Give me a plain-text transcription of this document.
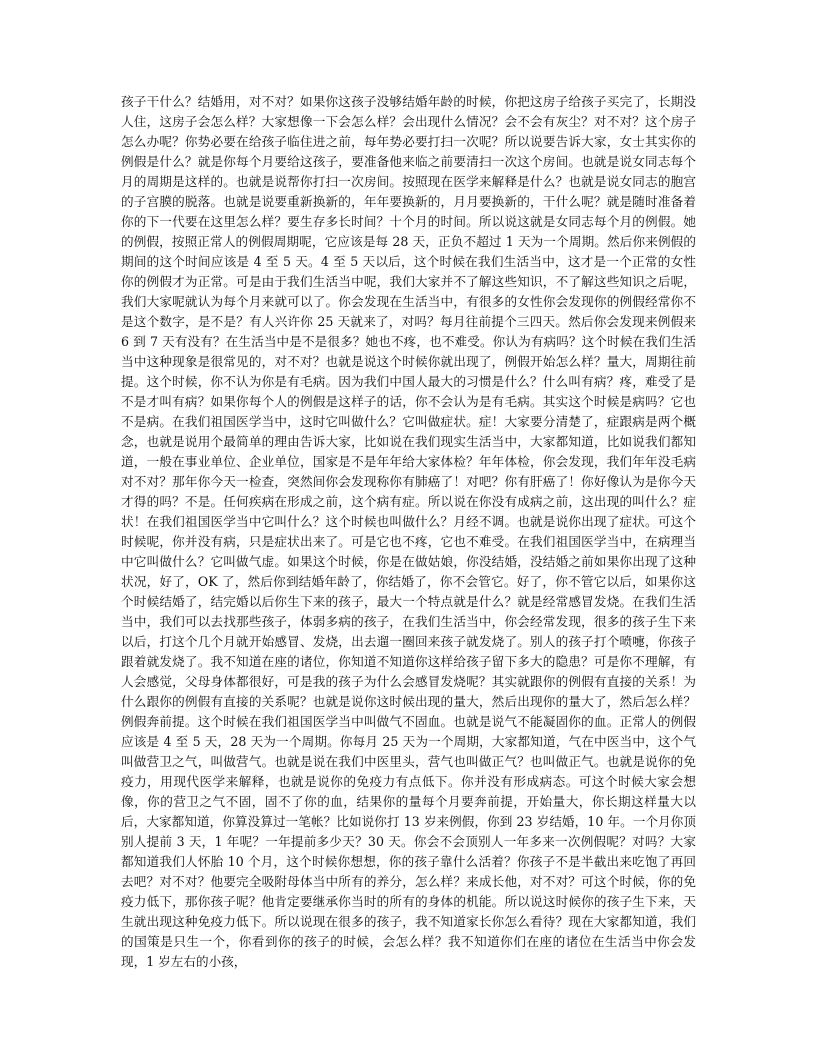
孩子干什么？结婚用，对不对？如果你这孩子没够结婚年龄的时候，你把这房子给孩子买完了，长期没人住，这房子会怎么样？大家想像一下会怎么样？会出现什么情况？会不会有灰尘？对不对？这个房子怎么办呢？你势必要在给孩子临住进之前，每年势必要打扫一次呢？所以说要告诉大家，女士其实你的例假是什么？就是你每个月要给这孩子，要准备他来临之前要清扫一次这个房间。也就是说女同志每个月的周期是这样的。也就是说帮你打扫一次房间。按照现在医学来解释是什么？也就是说女同志的胞宫的子宫膜的脱落。也就是说要重新换新的，年年要换新的，月月要换新的，干什么呢？就是随时准备着你的下一代要在这里怎么样？要生存多长时间？十个月的时间。所以说这就是女同志每个月的例假。她的例假，按照正常人的例假周期呢，它应该是每 28 天，正负不超过 1 天为一个周期。然后你来例假的期间的这个时间应该是 4 至 5 天。4 至 5 天以后，这个时候在我们生活当中，这才是一个正常的女性你的例假才为正常。可是由于我们生活当中呢，我们大家并不了解这些知识，不了解这些知识之后呢，我们大家呢就认为每个月来就可以了。你会发现在生活当中，有很多的女性你会发现你的例假经常你不是这个数字，是不是？有人兴许你 25 天就来了，对吗？每月往前提个三四天。然后你会发现来例假来 6 到 7 天有没有？在生活当中是不是很多？她也不疼，也不难受。你认为有病吗？这个时候在我们生活当中这种现象是很常见的，对不对？也就是说这个时候你就出现了，例假开始怎么样？量大，周期往前提。这个时候，你不认为你是有毛病。因为我们中国人最大的习惯是什么？什么叫有病？疼，难受了是不是才叫有病？如果你每个人的例假是这样子的话，你不会认为是有毛病。其实这个时候是病吗？它也不是病。在我们祖国医学当中，这时它叫做什么？它叫做症状。症！大家要分清楚了，症跟病是两个概念，也就是说用个最简单的理由告诉大家，比如说在我们现实生活当中，大家都知道，比如说我们都知道，一般在事业单位、企业单位，国家是不是年年给大家体检？年年体检，你会发现，我们年年没毛病对不对？那年你今天一检查，突然间你会发现称你有肺癌了！对吧？你有肝癌了！你好像认为是你今天才得的吗？不是。任何疾病在形成之前，这个病有症。所以说在你没有成病之前，这出现的叫什么？症状！在我们祖国医学当中它叫什么？这个时候也叫做什么？月经不调。也就是说你出现了症状。可这个时候呢，你并没有病，只是症状出来了。可是它也不疼，它也不难受。在我们祖国医学当中，在病理当中它叫做什么？它叫做气虚。如果这个时候，你是在做姑娘，你没结婚，没结婚之前如果你出现了这种状况，好了，OK 了，然后你到结婚年龄了，你结婚了，你不会管它。好了，你不管它以后，如果你这个时候结婚了，结完婚以后你生下来的孩子，最大一个特点就是什么？就是经常感冒发烧。在我们生活当中，我们可以去找那些孩子，体弱多病的孩子，在我们生活当中，你会经常发现，很多的孩子生下来以后，打这个几个月就开始感冒、发烧，出去遛一圈回来孩子就发烧了。别人的孩子打个喷嚏，你孩子跟着就发烧了。我不知道在座的诸位，你知道不知道你这样给孩子留下多大的隐患？可是你不理解，有人会感觉，父母身体都很好，可是我的孩子为什么会感冒发烧呢？其实就跟你的例假有直接的关系！为什么跟你的例假有直接的关系呢？也就是说你这时候出现的量大，然后出现你的量大了，然后怎么样？例假奔前提。这个时候在我们祖国医学当中叫做气不固血。也就是说气不能凝固你的血。正常人的例假应该是 4 至 5 天，28 天为一个周期。你每月 25 天为一个周期，大家都知道，气在中医当中，这个气叫做营卫之气，叫做营气。也就是说在我们中医里头，营气也叫做正气？也叫做正气。也就是说你的免疫力，用现代医学来解释，也就是说你的免疫力有点低下。你并没有形成病态。可这个时候大家会想像，你的营卫之气不固，固不了你的血，结果你的量每个月要奔前提，开始量大，你长期这样量大以后，大家都知道，你算没算过一笔帐？比如说你打 13 岁来例假，你到 23 岁结婚，10 年。一个月你顶别人提前 3 天，1 年呢？一年提前多少天？30 天。你会不会顶别人一年多来一次例假呢？对吗？大家都知道我们人怀胎 10 个月，这个时候你想想，你的孩子靠什么活着？你孩子不是半截出来吃饱了再回去吧？对不对？他要完全吸附母体当中所有的养分，怎么样？来成长他，对不对？可这个时候，你的免疫力低下，那你孩子呢？他肯定要继承你当时的所有的身体的机能。所以说这时候你的孩子生下来，天生就出现这种免疫力低下。所以说现在很多的孩子，我不知道家长你怎么看待？现在大家都知道，我们的国策是只生一个，你看到你的孩子的时候，会怎么样？我不知道你们在座的诸位在生活当中你会发现，1 岁左右的小孩，
